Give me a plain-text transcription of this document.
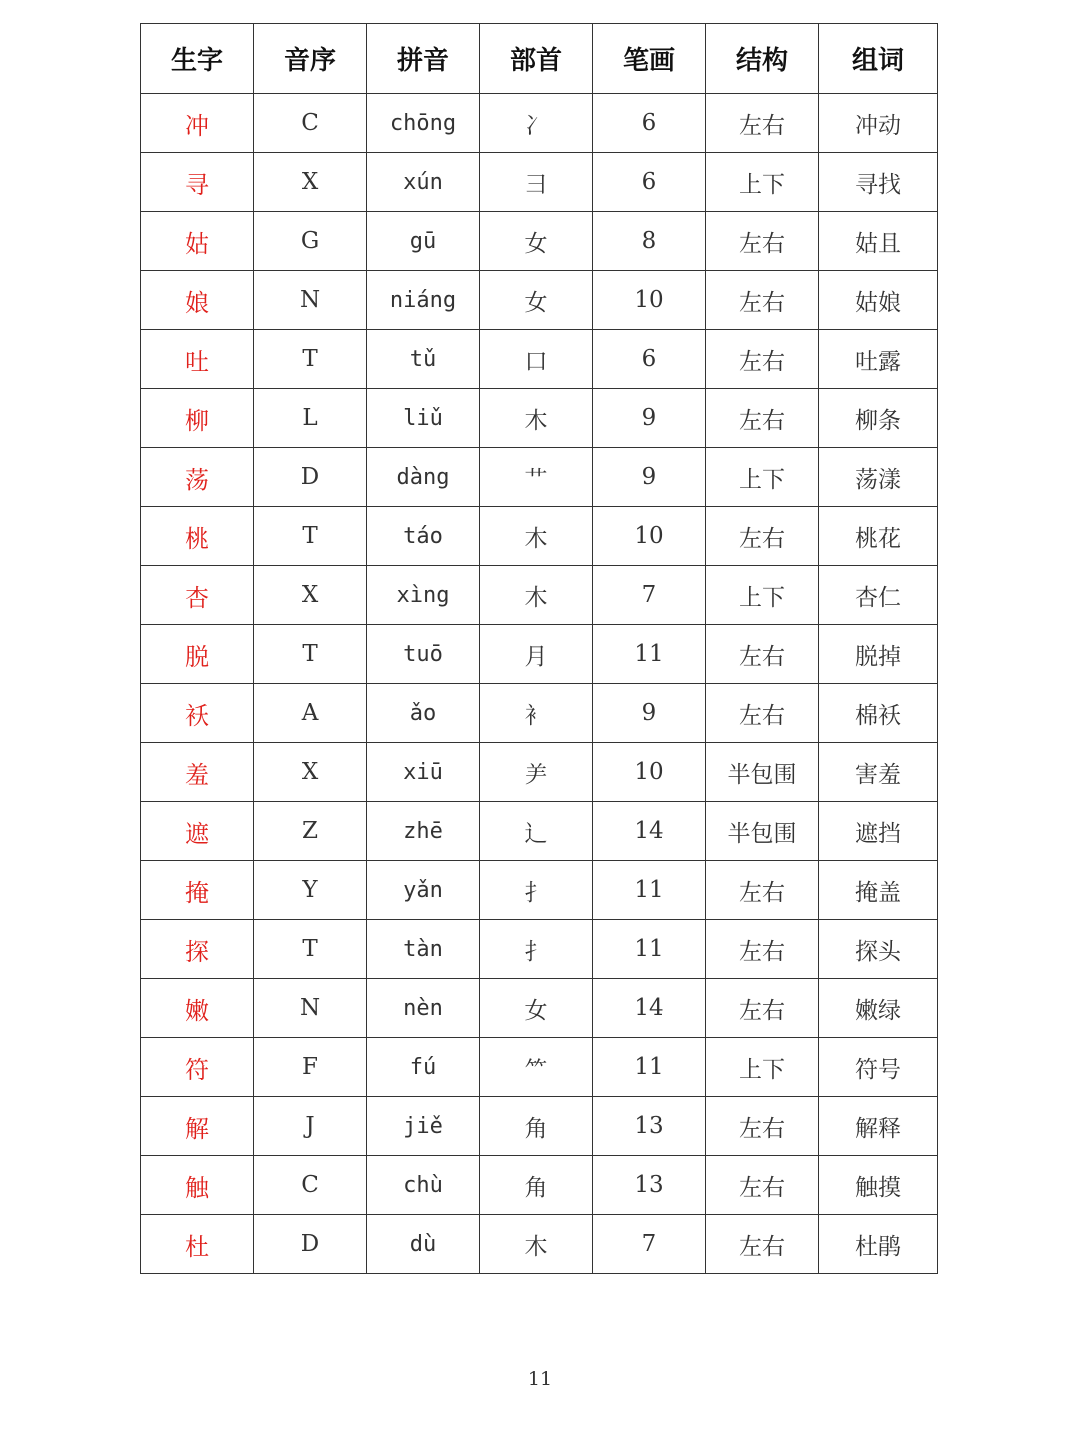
生字	音序	拼音	部首	笔画	结构	组词
冲	C	chōng	冫	6	左右	冲动
寻	X	xún	彐	6	上下	寻找
姑	G	gū	女	8	左右	姑且
娘	N	niáng	女	10	左右	姑娘
吐	T	tǔ	口	6	左右	吐露
柳	L	liǔ	木	9	左右	柳条
荡	D	dàng	艹	9	上下	荡漾
桃	T	táo	木	10	左右	桃花
杏	X	xìng	木	7	上下	杏仁
脱	T	tuō	月	11	左右	脱掉
袄	A	ǎo	衤	9	左右	棉袄
羞	X	xiū	⺶	10	半包围	害羞
遮	Z	zhē	辶	14	半包围	遮挡
掩	Y	yǎn	扌	11	左右	掩盖
探	T	tàn	扌	11	左右	探头
嫩	N	nèn	女	14	左右	嫩绿
符	F	fú	⺮	11	上下	符号
解	J	jiě	角	13	左右	解释
触	C	chù	角	13	左右	触摸
杜	D	dù	木	7	左右	杜鹃
11
